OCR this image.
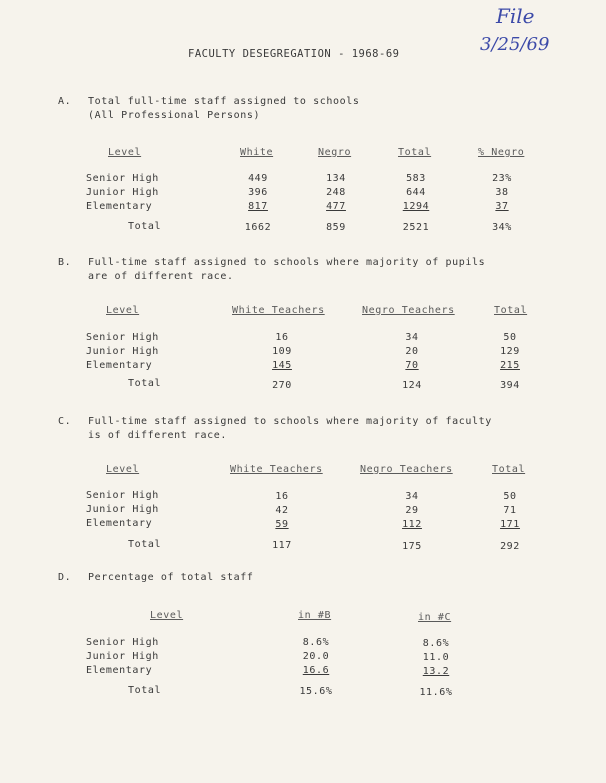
File
3/25/69
FACULTY DESEGREGATION - 1968-69
A. Total full-time staff assigned to schools
(All Professional Persons)
Level	White	Negro	Total	% Negro
Senior High	449	134	583	23%
Junior High	396	248	644	38
Elementary	817	477	1294	37
Total	1662	859	2521	34%
B. Full-time staff assigned to schools where majority of pupils
are of different race.
Level	White Teachers	Negro Teachers	Total
Senior High	16	34	50
Junior High	109	20	129
Elementary	145	70	215
Total	270	124	394
C. Full-time staff assigned to schools where majority of faculty
is of different race.
Level	White Teachers	Negro Teachers	Total
Senior High	16	34	50
Junior High	42	29	71
Elementary	59	112	171
Total	117	175	292
D. Percentage of total staff
Level	in #B	in #C
Senior High	8.6%	8.6%
Junior High	20.0	11.0
Elementary	16.6	13.2
Total	15.6%	11.6%
